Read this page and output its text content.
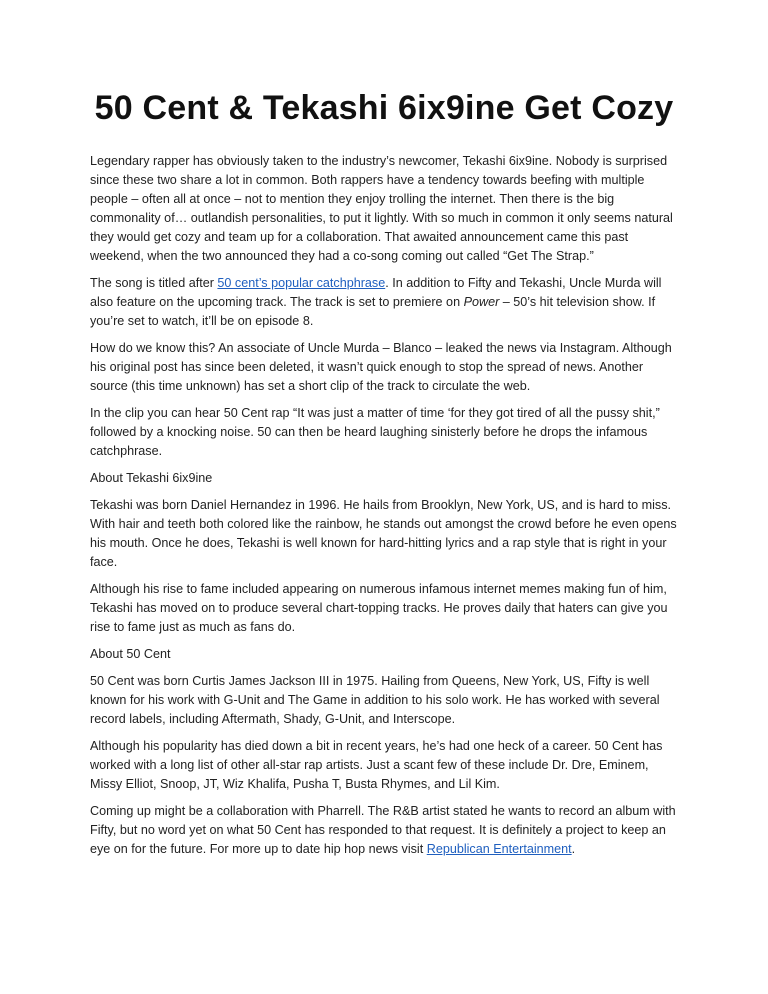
50 Cent & Tekashi 6ix9ine Get Cozy

Legendary rapper has obviously taken to the industry’s newcomer, Tekashi 6ix9ine. Nobody is surprised since these two share a lot in common. Both rappers have a tendency towards beefing with multiple people – often all at once – not to mention they enjoy trolling the internet. Then there is the big commonality of… outlandish personalities, to put it lightly. With so much in common it only seems natural they would get cozy and team up for a collaboration. That awaited announcement came this past weekend, when the two announced they had a co-song coming out called “Get The Strap.”

The song is titled after 50 cent’s popular catchphrase. In addition to Fifty and Tekashi, Uncle Murda will also feature on the upcoming track. The track is set to premiere on Power – 50’s hit television show. If you’re set to watch, it’ll be on episode 8.

How do we know this? An associate of Uncle Murda – Blanco – leaked the news via Instagram. Although his original post has since been deleted, it wasn’t quick enough to stop the spread of news. Another source (this time unknown) has set a short clip of the track to circulate the web.

In the clip you can hear 50 Cent rap “It was just a matter of time ‘for they got tired of all the pussy shit,” followed by a knocking noise. 50 can then be heard laughing sinisterly before he drops the infamous catchphrase.

About Tekashi 6ix9ine

Tekashi was born Daniel Hernandez in 1996. He hails from Brooklyn, New York, US, and is hard to miss. With hair and teeth both colored like the rainbow, he stands out amongst the crowd before he even opens his mouth. Once he does, Tekashi is well known for hard-hitting lyrics and a rap style that is right in your face.

Although his rise to fame included appearing on numerous infamous internet memes making fun of him, Tekashi has moved on to produce several chart-topping tracks. He proves daily that haters can give you rise to fame just as much as fans do.

About 50 Cent

50 Cent was born Curtis James Jackson III in 1975. Hailing from Queens, New York, US, Fifty is well known for his work with G-Unit and The Game in addition to his solo work. He has worked with several record labels, including Aftermath, Shady, G-Unit, and Interscope.

Although his popularity has died down a bit in recent years, he’s had one heck of a career. 50 Cent has worked with a long list of other all-star rap artists. Just a scant few of these include Dr. Dre, Eminem, Missy Elliot, Snoop, JT, Wiz Khalifa, Pusha T, Busta Rhymes, and Lil Kim.

Coming up might be a collaboration with Pharrell. The R&B artist stated he wants to record an album with Fifty, but no word yet on what 50 Cent has responded to that request. It is definitely a project to keep an eye on for the future. For more up to date hip hop news visit Republican Entertainment.
